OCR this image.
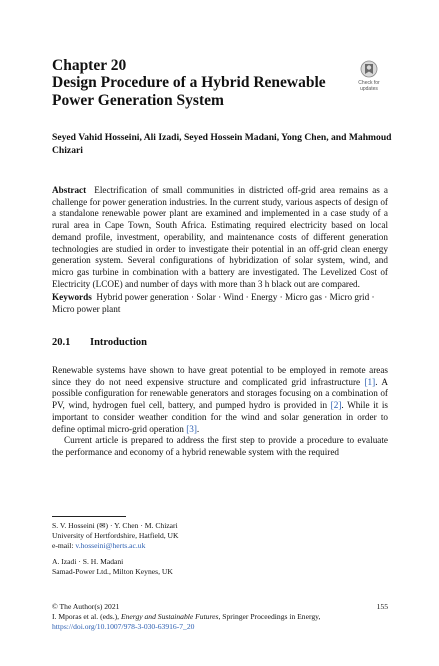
Chapter 20
Design Procedure of a Hybrid Renewable Power Generation System
Check for
updates
Seyed Vahid Hosseini, Ali Izadi, Seyed Hossein Madani, Yong Chen, and Mahmoud Chizari
Abstract Electrification of small communities in districted off-grid area remains as a challenge for power generation industries. In the current study, various aspects of design of a standalone renewable power plant are examined and implemented in a case study of a rural area in Cape Town, South Africa. Estimating required electricity based on local demand profile, investment, operability, and maintenance costs of different generation technologies are studied in order to investigate their potential in an off-grid clean energy generation system. Several configurations of hybridization of solar system, wind, and micro gas turbine in combination with a battery are investigated. The Levelized Cost of Electricity (LCOE) and number of days with more than 3 h black out are compared.
Keywords Hybrid power generation · Solar · Wind · Energy · Micro gas · Micro grid · Micro power plant
20.1 Introduction

Renewable systems have shown to have great potential to be employed in remote areas since they do not need expensive structure and complicated grid infrastructure [1]. A possible configuration for renewable generators and storages focusing on a combination of PV, wind, hydrogen fuel cell, battery, and pumped hydro is provided in [2]. While it is important to consider weather condition for the wind and solar generation in order to define optimal micro-grid operation [3].

Current article is prepared to address the first step to provide a procedure to evaluate the performance and economy of a hybrid renewable system with the required

S. V. Hosseini (✉) · Y. Chen · M. Chizari
University of Hertfordshire, Hatfield, UK
e-mail: v.hosseini@herts.ac.uk
A. Izadi · S. H. Madani
Samad-Power Ltd., Milton Keynes, UK
© The Author(s) 2021	155
I. Mporas et al. (eds.), Energy and Sustainable Futures, Springer Proceedings in Energy,
https://doi.org/10.1007/978-3-030-63916-7_20
